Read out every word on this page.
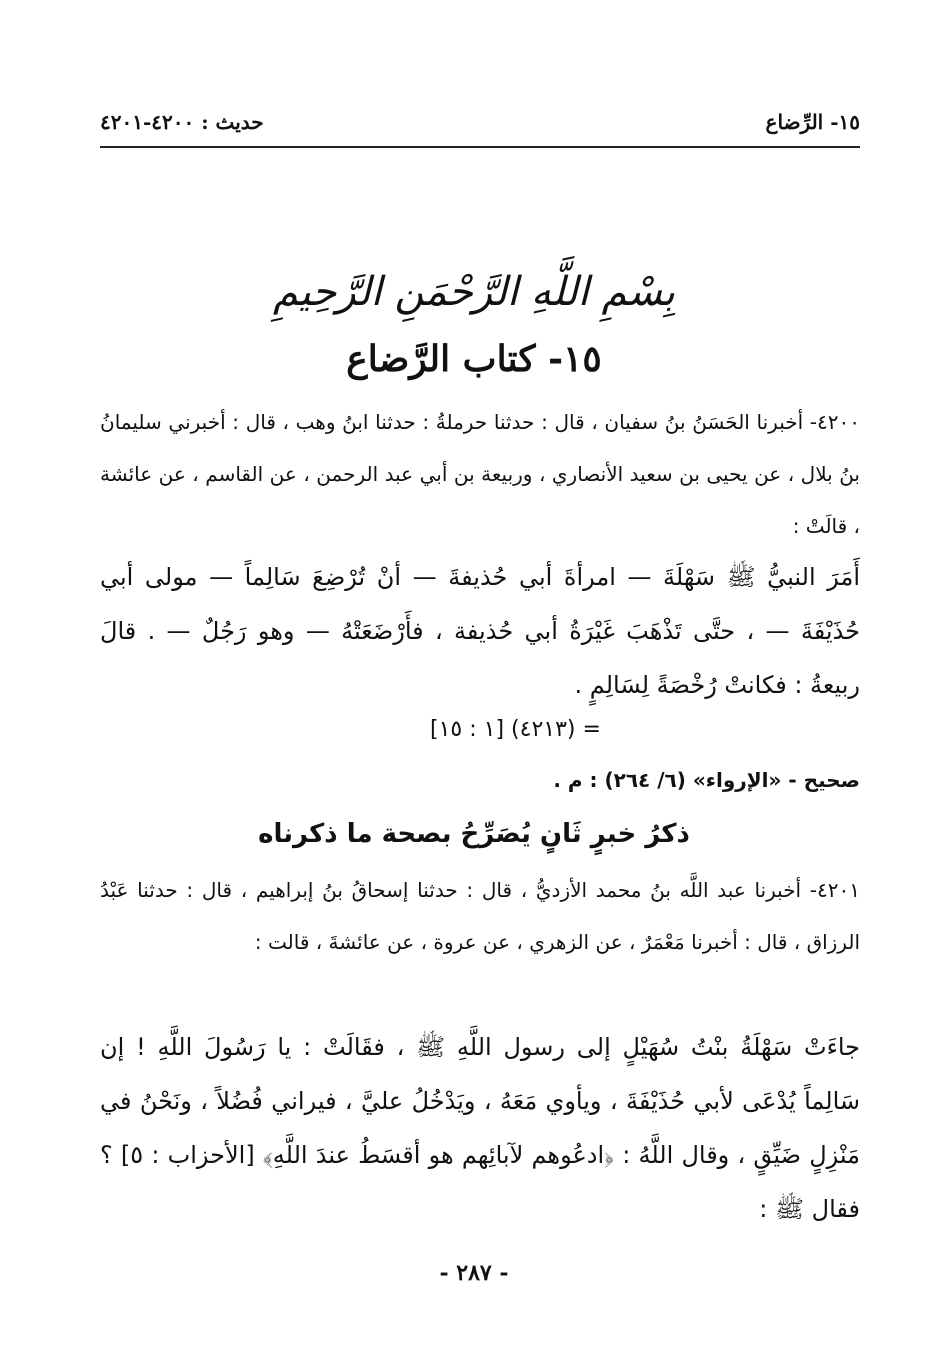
١٥- الرِّضاع
حديث : ٤٢٠٠-٤٢٠١
بِسْمِ اللَّهِ الرَّحْمَنِ الرَّحِيمِ
١٥- كتاب الرَّضاع
٤٢٠٠- أخبرنا الحَسَنُ بنُ سفيان ، قال : حدثنا حرملةُ : حدثنا ابنُ وهب ، قال : أخبرني سليمانُ بنُ بلال ، عن يحيى بن سعيد الأنصاري ، وربيعة بن أبي عبد الرحمن ، عن القاسم ، عن عائشة ، قالَتْ :
أَمَرَ النبيُّ ﷺ سَهْلَةَ — امرأةَ أبي حُذيفةَ — أنْ تُرْضِعَ سَالِماً — مولى أبي حُذَيْفَةَ — ، حتَّى تَذْهَبَ غَيْرَةُ أبي حُذيفة ، فأَرْضَعَتْهُ — وهو رَجُلٌ — . قالَ ربيعةُ : فكانتْ رُخْصَةً لِسَالِمٍ .
= (٤٢١٣) [١ : ١٥]
صحيح - «الإرواء» (٦/ ٢٦٤) : م .
ذكرُ خبرٍ ثَانٍ يُصَرِّحُ بصحة ما ذكرناه
٤٢٠١- أخبرنا عبد اللَّه بنُ محمد الأزديُّ ، قال : حدثنا إسحاقُ بنُ إبراهيم ، قال : حدثنا عَبْدُ الرزاق ، قال : أخبرنا مَعْمَرٌ ، عن الزهري ، عن عروة ، عن عائشةَ ، قالت :
جاءَتْ سَهْلَةُ بنْتُ سُهَيْلٍ إلى رسول اللَّهِ ﷺ ، فقَالَتْ : يا رَسُولَ اللَّهِ ! إن سَالِماً يُدْعَى لأبي حُذَيْفَةَ ، ويأوي مَعَهُ ، ويَدْخُلُ عليَّ ، فيراني فُضُلاً ، ونَحْنُ في مَنْزِلٍ ضَيِّقٍ ، وقال اللَّهُ : ﴿ادعُوهم لآبائِهم هو أقسَطُ عندَ اللَّهِ﴾ [الأحزاب : ٥] ؟ فقال ﷺ :
- ٢٨٧ -
